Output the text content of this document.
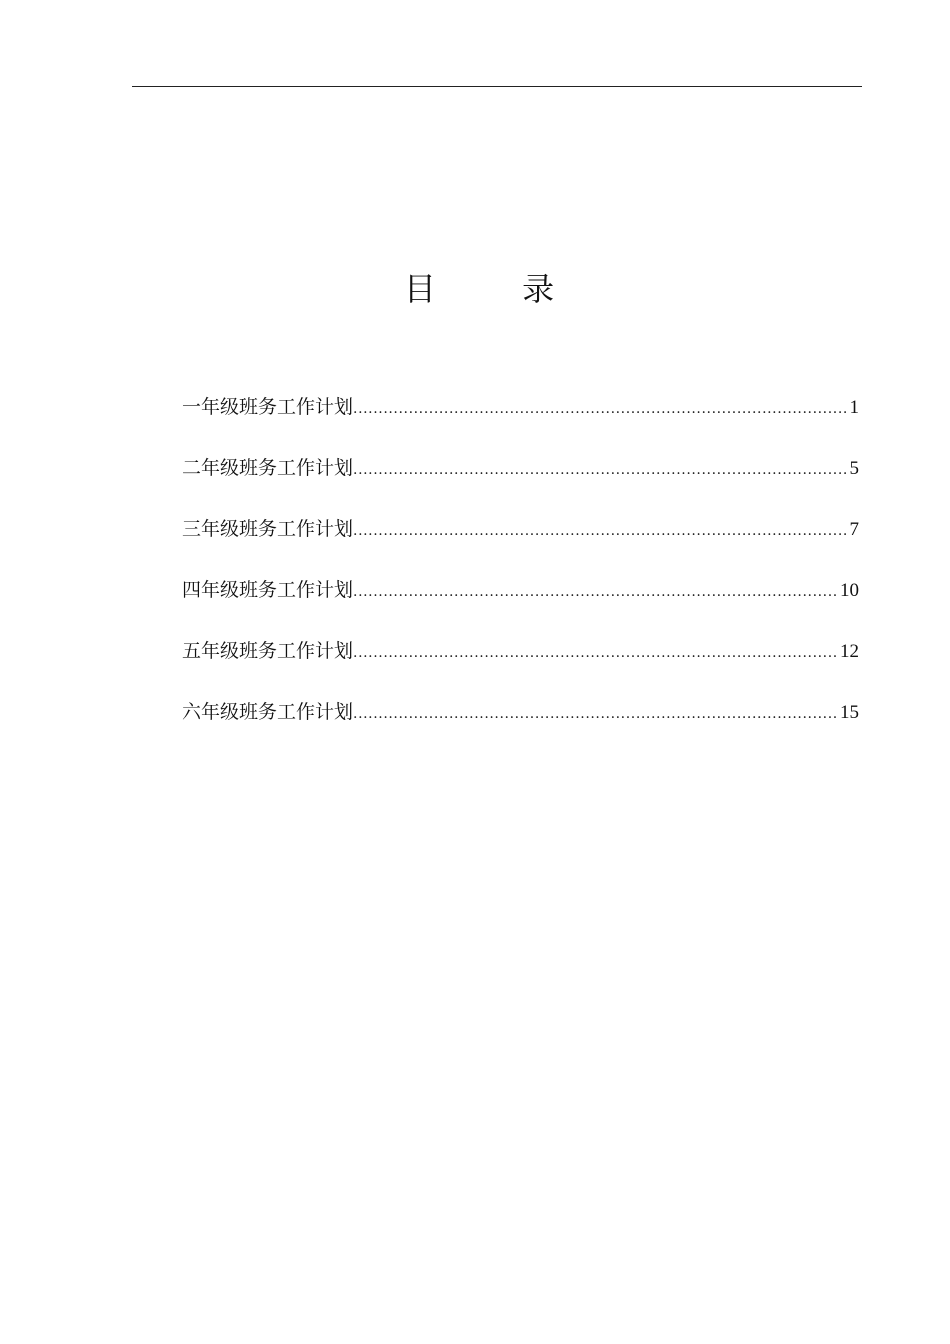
目 录
一年级班务工作计划 .....	1
二年级班务工作计划 .....	5
三年级班务工作计划 .....	7
四年级班务工作计划 .....	10
五年级班务工作计划 .....	12
六年级班务工作计划 .....	15
